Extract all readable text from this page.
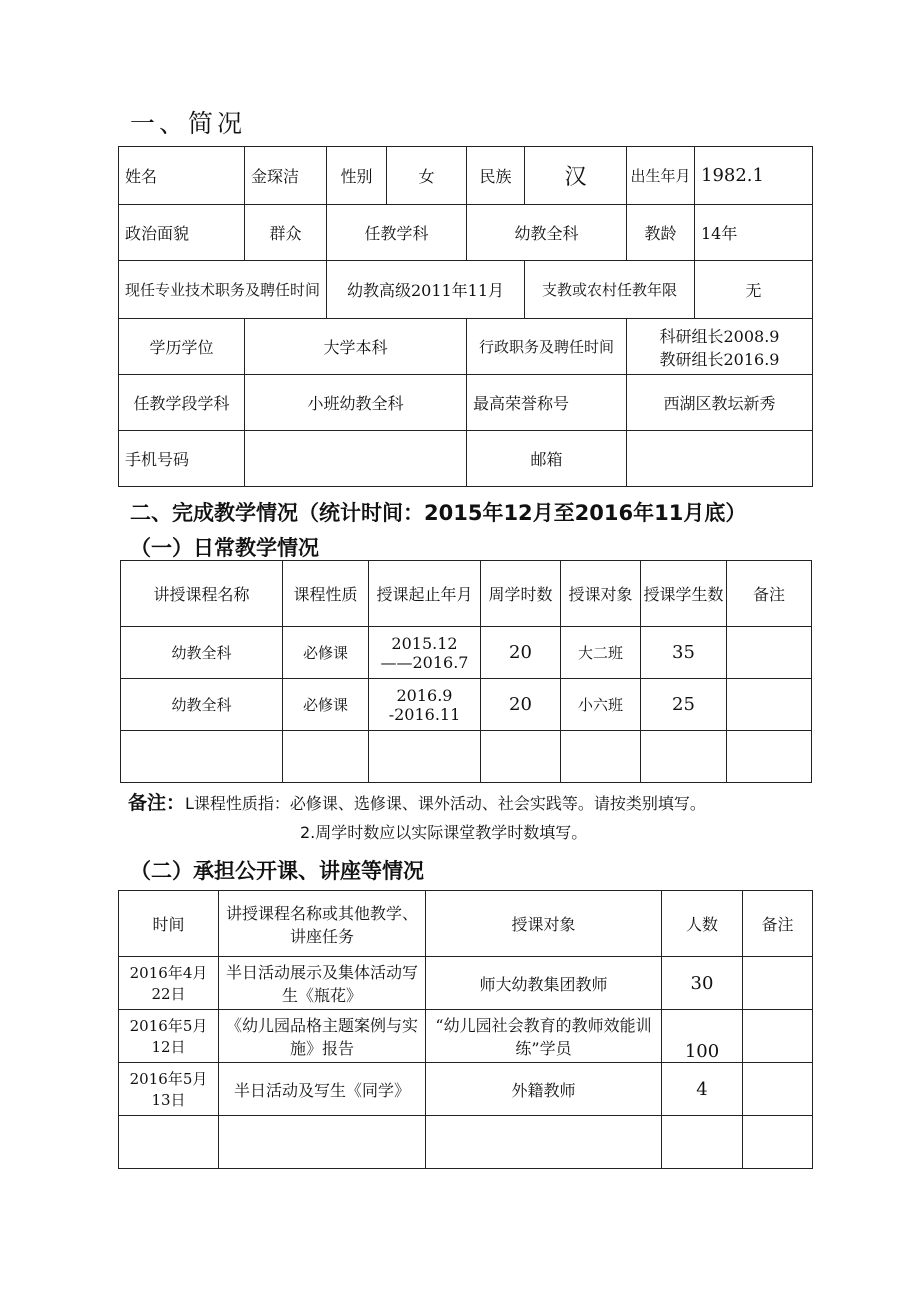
一、简况
姓名	金琛洁	性别	女	民族	汉	出生年月	1982.1
政治面貌	群众	任教学科		幼教全科		教龄	14年
现任专业技术职务及聘任时间		幼教高级2011年11月			支教或农村任教年限		无
学历学位	大学本科			行政职务及聘任时间		科研组长2008.9
教研组长2016.9	

任教学段学科	小班幼教全科			最高荣誉称号		西湖区教坛新秀	
手机号码				邮箱			
二、完成教学情况（统计时间：2015年12月至2016年11月底）
（一）日常教学情况
讲授课程名称	课程性质	授课起止年月	周学时数	授课对象	授课学生数	备注
幼教全科	必修课	2015.12
——2016.7	20	大二班	35	
幼教全科	必修课	2016.9
-2016.11	20	小六班	25	

备注：L课程性质指：必修课、选修课、课外活动、社会实践等。请按类别填写。
2.周学时数应以实际课堂教学时数填写。
（二）承担公开课、讲座等情况
时间	讲授课程名称或其他教学、讲座任务	授课对象	人数	备注
2016年4月22日	半日活动展示及集体活动写生《瓶花》	师大幼教集团教师	30	
2016年5月12日	《幼儿园品格主题案例与实施》报告	“幼儿园社会教育的教师效能训练”学员	100	
2016年5月13日	半日活动及写生《同学》	外籍教师	4	
